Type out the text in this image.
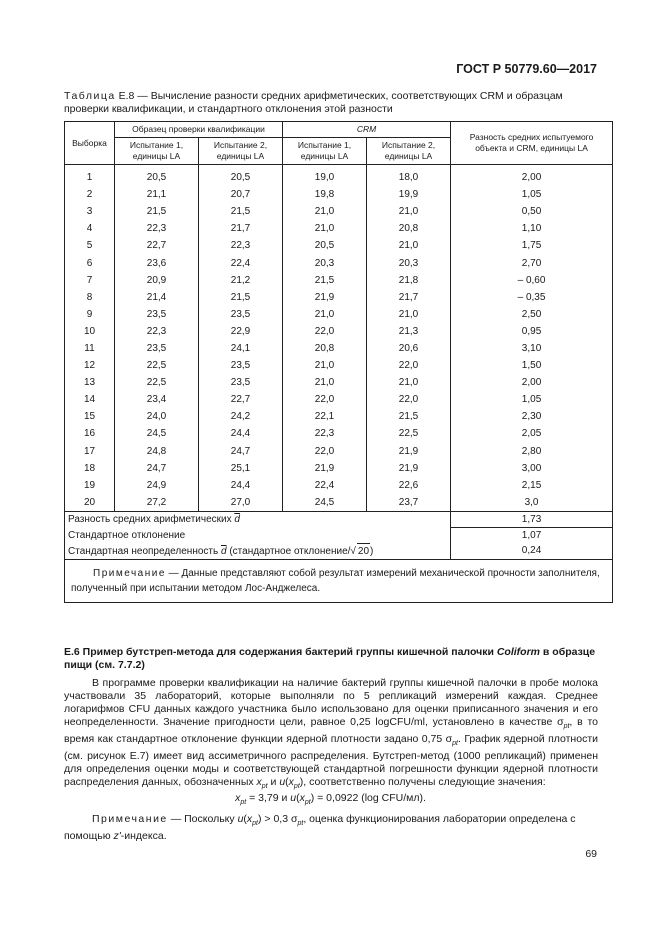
ГОСТ Р 50779.60—2017
Таблица Е.8 — Вычисление разности средних арифметических, соответствующих CRM и образцам проверки квалификации, и стандартного отклонения этой разности
Выборка	Образец проверки квалификации		CRM		Разность средних испытуемого объекта и CRM, единицы LA
	Испытание 1, единицы LA	Испытание 2, единицы LA	Испытание 1, единицы LA	Испытание 2, единицы LA	
1	20,5	20,5	19,0	18,0	2,00
2	21,1	20,7	19,8	19,9	1,05
3	21,5	21,5	21,0	21,0	0,50
4	22,3	21,7	21,0	20,8	1,10
5	22,7	22,3	20,5	21,0	1,75
6	23,6	22,4	20,3	20,3	2,70
7	20,9	21,2	21,5	21,8	– 0,60
8	21,4	21,5	21,9	21,7	– 0,35
9	23,5	23,5	21,0	21,0	2,50
10	22,3	22,9	22,0	21,3	0,95
11	23,5	24,1	20,8	20,6	3,10
12	22,5	23,5	21,0	22,0	1,50
13	22,5	23,5	21,0	21,0	2,00
14	23,4	22,7	22,0	22,0	1,05
15	24,0	24,2	22,1	21,5	2,30
16	24,5	24,4	22,3	22,5	2,05
17	24,8	24,7	22,0	21,9	2,80
18	24,7	25,1	21,9	21,9	3,00
19	24,9	24,4	22,4	22,6	2,15
20	27,2	27,0	24,5	23,7	3,0
Разность средних арифметических $\overline{d}$					1,73
Стандартное отклонение					1,07
Стандартная неопределенность $\overline{d}$ (стандартное отклонение/√ 20)					0,24
Примечание — Данные представляют собой результат измерений механической прочности заполнителя, полученный при испытании методом Лос-Анджелеса.					
Е.6 Пример бутстреп-метода для содержания бактерий группы кишечной палочки Coliform в образце пищи (см. 7.7.2)
В программе проверки квалификации на наличие бактерий группы кишечной палочки в пробе молока участвовали 35 лабораторий, которые выполняли по 5 репликаций измерений каждая. Среднее логарифмов CFU данных каждого участника было использовано для оценки приписанного значения и его неопределенности. Значение пригодности цели, равное 0,25 logCFU/ml, установлено в качестве $\sigma_{pt}$, в то время как стандартное отклонение функции ядерной плотности задано 0,75 $\sigma_{pt}$. График ядерной плотности (см. рисунок Е.7) имеет вид ассиметричного распределения. Бутстреп-метод (1000 репликаций) применен для определения оценки моды и соответствующей стандартной погрешности функции ядерной плотности распределения данных, обозначенных $x_{pt}$ и $u(x_{pt})$, соответственно получены следующие значения:
$x_{pt} = 3,79$ и $u(x_{pt}) = 0,0922$ (log CFU/мл).
Примечание — Поскольку $u(x_{pt}) > 0,3$ $\sigma_{pt}$, оценка функционирования лаборатории определена с помощью z'-индекса.
69
